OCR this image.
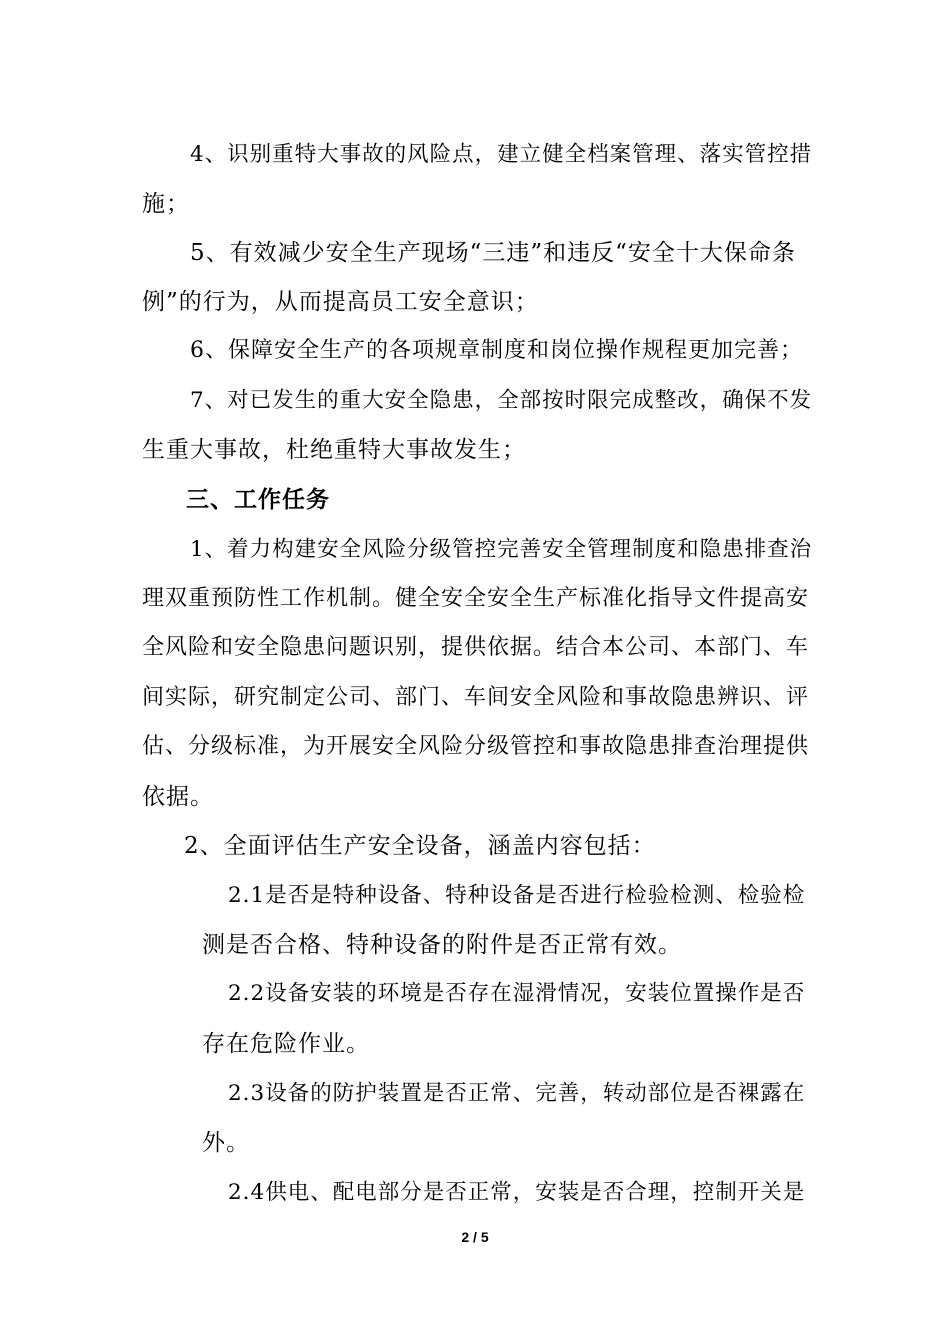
4、识别重特大事故的风险点，建立健全档案管理、落实管控措
施；
5、有效减少安全生产现场“三违”和违反“安全十大保命条
例”的行为，从而提高员工安全意识；
6、保障安全生产的各项规章制度和岗位操作规程更加完善；
7、对已发生的重大安全隐患，全部按时限完成整改，确保不发
生重大事故，杜绝重特大事故发生；
三、工作任务
1、着力构建安全风险分级管控完善安全管理制度和隐患排查治
理双重预防性工作机制。健全安全安全生产标准化指导文件提高安
全风险和安全隐患问题识别，提供依据。结合本公司、本部门、车
间实际，研究制定公司、部门、车间安全风险和事故隐患辨识、评
估、分级标准，为开展安全风险分级管控和事故隐患排查治理提供
依据。
2、全面评估生产安全设备，涵盖内容包括：
2.1是否是特种设备、特种设备是否进行检验检测、检验检
测是否合格、特种设备的附件是否正常有效。
2.2设备安装的环境是否存在湿滑情况，安装位置操作是否
存在危险作业。
2.3设备的防护装置是否正常、完善，转动部位是否裸露在
外。
2.4供电、配电部分是否正常，安装是否合理，控制开关是
2 / 5
